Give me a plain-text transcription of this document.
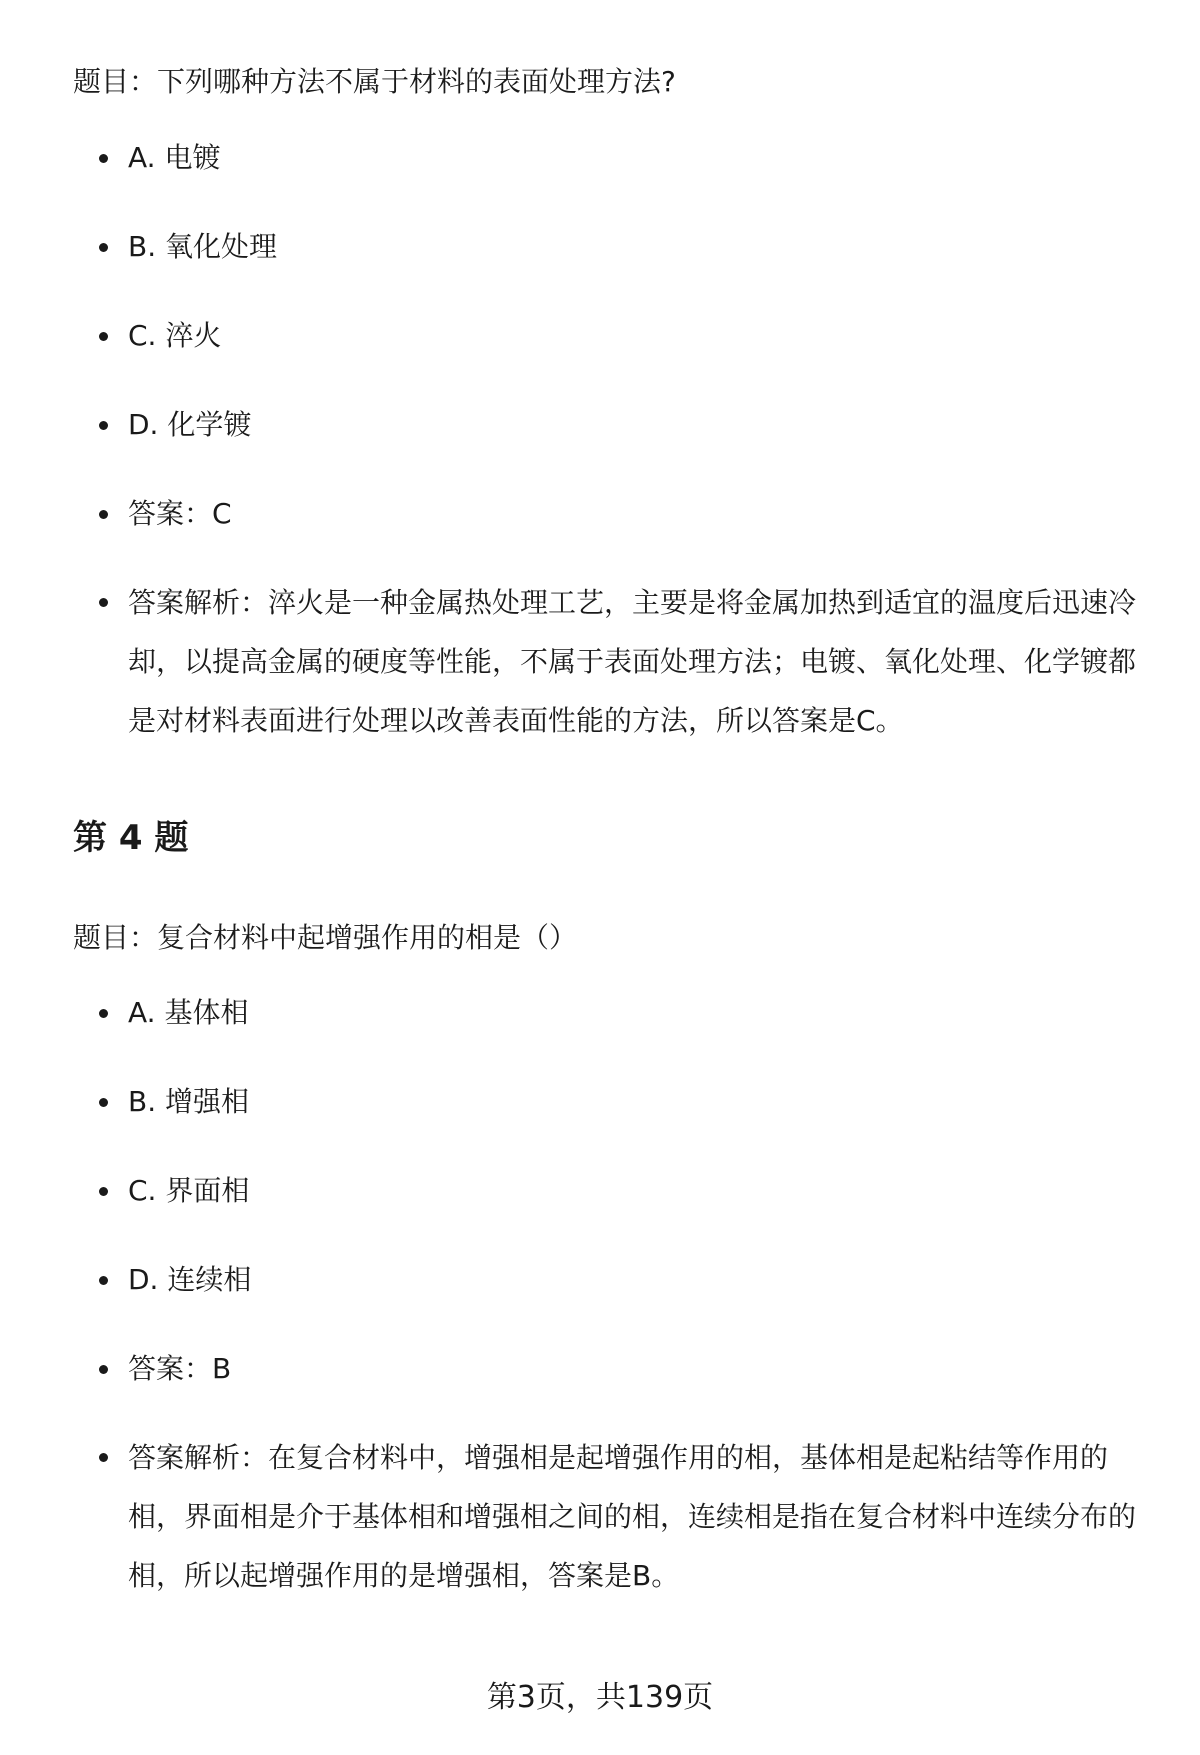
题目：下列哪种方法不属于材料的表面处理方法?
A. 电镀
B. 氧化处理
C. 淬火
D. 化学镀
答案：C
答案解析：淬火是一种金属热处理工艺，主要是将金属加热到适宜的温度后迅速冷却，以提高金属的硬度等性能，不属于表面处理方法；电镀、氧化处理、化学镀都是对材料表面进行处理以改善表面性能的方法，所以答案是C。
第 4 题
题目：复合材料中起增强作用的相是（）
A. 基体相
B. 增强相
C. 界面相
D. 连续相
答案：B
答案解析：在复合材料中，增强相是起增强作用的相，基体相是起粘结等作用的相，界面相是介于基体相和增强相之间的相，连续相是指在复合材料中连续分布的相，所以起增强作用的是增强相，答案是B。
第3页，共139页
